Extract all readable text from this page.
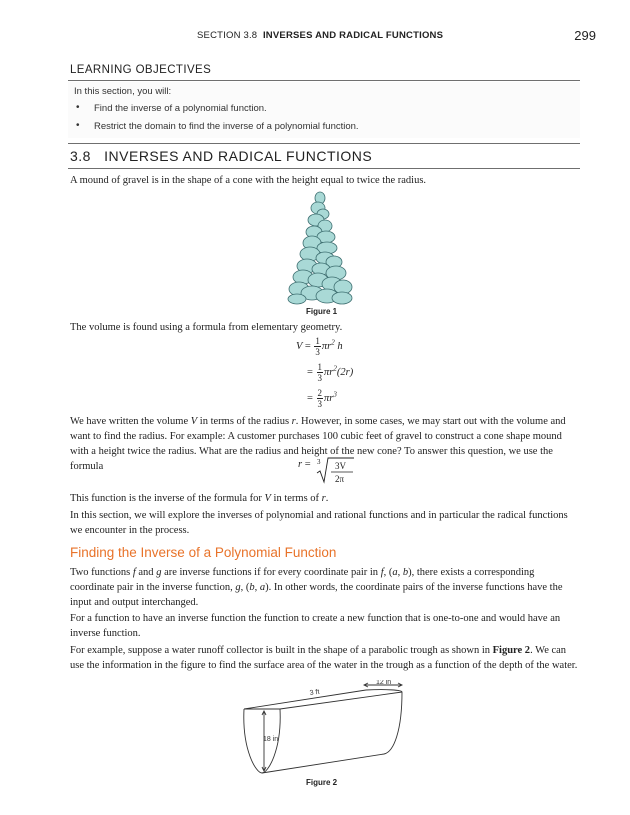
SECTION 3.8 INVERSES AND RADICAL FUNCTIONS	299
LEARNING OBJECTIVES
In this section, you will:
• Find the inverse of a polynomial function.
• Restrict the domain to find the inverse of a polynomial function.
3.8 INVERSES AND RADICAL FUNCTIONS

A mound of gravel is in the shape of a cone with the height equal to twice the radius.

Figure 1

The volume is found using a formula from elementary geometry.

$V = \frac{1}{3} \pi r^2$ h
= $\frac{1}{3} \pi r^2(2r)$
= $\frac{2}{3} \pi r^3$

We have written the volume V in terms of the radius r. However, in some cases, we may start out with the volume and want to find the radius. For example: A customer purchases 100 cubic feet of gravel to construct a cone shape mound with a height twice the radius. What are the radius and height of the new cone? To answer this question, we use the formula	r = 3 3V
2π

This function is the inverse of the formula for V in terms of r.

In this section, we will explore the inverses of polynomial and rational functions and in particular the radical functions we encounter in the process.

Finding the Inverse of a Polynomial Function

Two functions f and g are inverse functions if for every coordinate pair in f, (a, b), there exists a corresponding coordinate pair in the inverse function, g, (b, a). In other words, the coordinate pairs of the inverse functions have the input and output interchanged.

For a function to have an inverse function the function to create a new function that is one-to-one and would have an inverse function.

For example, suppose a water runoff collector is built in the shape of a parabolic trough as shown in Figure 2. We can use the information in the figure to find the surface area of the water in the trough as a function of the depth of the water.

3 ft
12 in
18 in
Figure 2
